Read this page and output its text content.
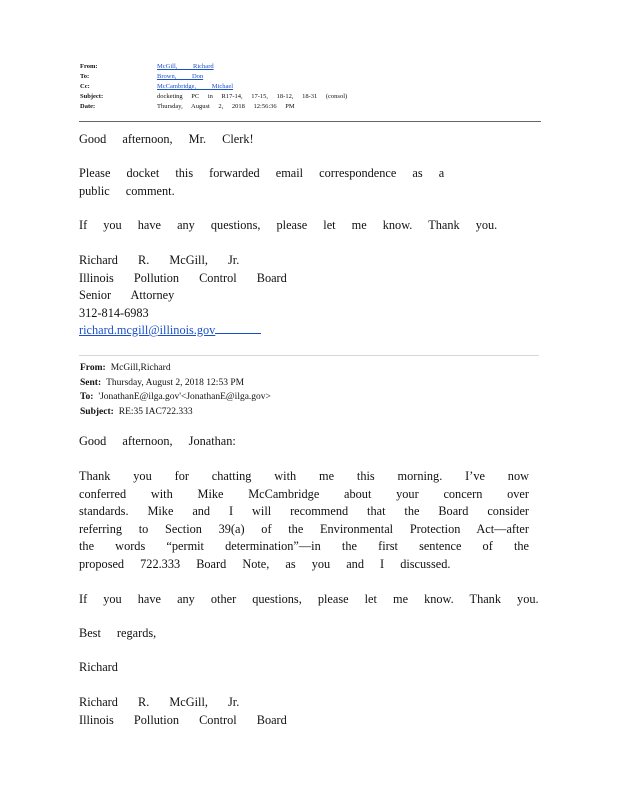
From:	McGill, Richard
To:	Brown, Don
Cc:	McCambridge, Michael
Subject:	docketing PC in R17-14, 17-15, 18-12, 18-31 (consol)
Date:	Thursday, August 2, 2018 12:56:36 PM

Good afternoon, Mr. Clerk!

Please docket this forwarded email correspondence as a public comment.

If you have any questions, please let me know. Thank you.

Richard R. McGill, Jr.
Illinois Pollution Control Board
Senior Attorney
312-814-6983
richard.mcgill@illinois.gov
From: McGill,Richard
Sent: Thursday, August 2, 2018 12:53 PM
To: 'JonathanE@ilga.gov'<JonathanE@ilga.gov>
Subject: RE:35 IAC722.333

Good afternoon, Jonathan:

Thank you for chatting with me this morning. I’ve now conferred with Mike McCambridge about your concern over standards. Mike and I will recommend that the Board consider referring to Section 39(a) of the Environmental Protection Act—after the words “permit determination”—in the first sentence of the proposed 722.333 Board Note, as you and I discussed.

If you have any other questions, please let me know. Thank you.

Best regards,

Richard

Richard R. McGill, Jr.
Illinois Pollution Control Board
